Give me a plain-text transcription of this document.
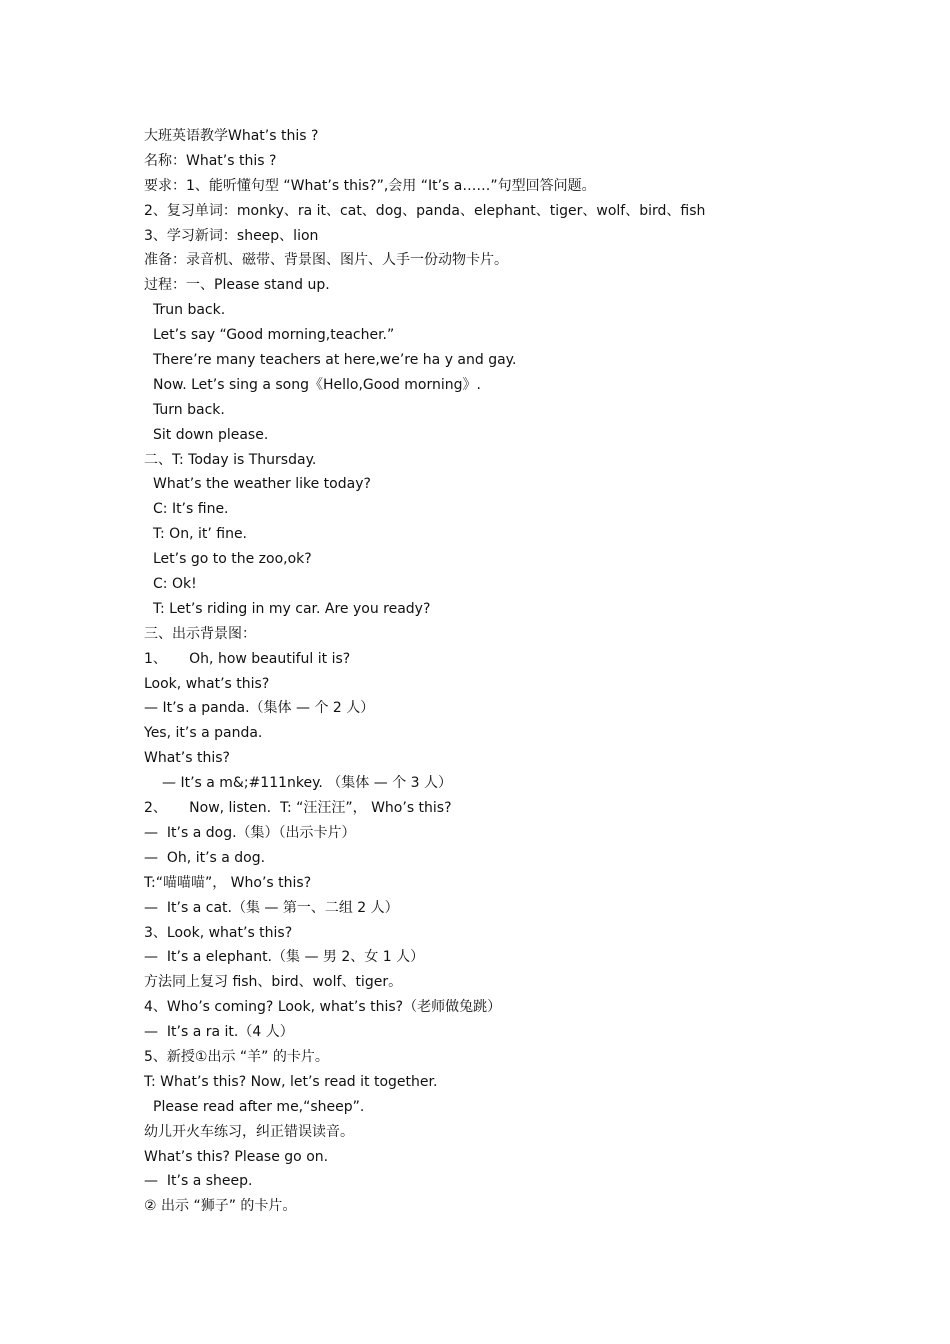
大班英语教学What’s this ?
名称：What’s this ?
要求：1、能听懂句型 “What’s this?”,会用 “It’s a……”句型回答问题。
2、复习单词：monky、ra it、cat、dog、panda、elephant、tiger、wolf、bird、fish
3、学习新词：sheep、lion
准备：录音机、磁带、背景图、图片、人手一份动物卡片。
过程：一、Please stand up.
Trun back.
Let’s say “Good morning,teacher.”
There’re many teachers at here,we’re ha y and gay.
Now. Let’s sing a song《Hello,Good morning》.
Turn back.
Sit down please.
二、T: Today is Thursday.
What’s the weather like today?
C: It’s fine.
T: On, it’ fine.
Let’s go to the zoo,ok?
C: Ok!
T: Let’s riding in my car. Are you ready?
三、出示背景图：
1、     Oh, how beautiful it is?
Look, what’s this?
— It’s a panda.（集体 — 个 2 人）
Yes, it’s a panda.
What’s this?
— It’s a m&;#111nkey. （集体 — 个 3 人）
2、     Now, listen.  T: “汪汪汪”， Who’s this?
—  It’s a dog.（集）（出示卡片）
—  Oh, it’s a dog.
T:“喵喵喵”， Who’s this?
—  It’s a cat.（集 — 第一、二组 2 人）
3、Look, what’s this?
—  It’s a elephant.（集 — 男 2、女 1 人）
方法同上复习 fish、bird、wolf、tiger。
4、Who’s coming? Look, what’s this?（老师做兔跳）
—  It’s a ra it.（4 人）
5、新授①出示 “羊” 的卡片。
T: What’s this? Now, let’s read it together.
Please read after me,“sheep”.
幼儿开火车练习，纠正错误读音。
What’s this? Please go on.
—  It’s a sheep.
② 出示 “狮子” 的卡片。
